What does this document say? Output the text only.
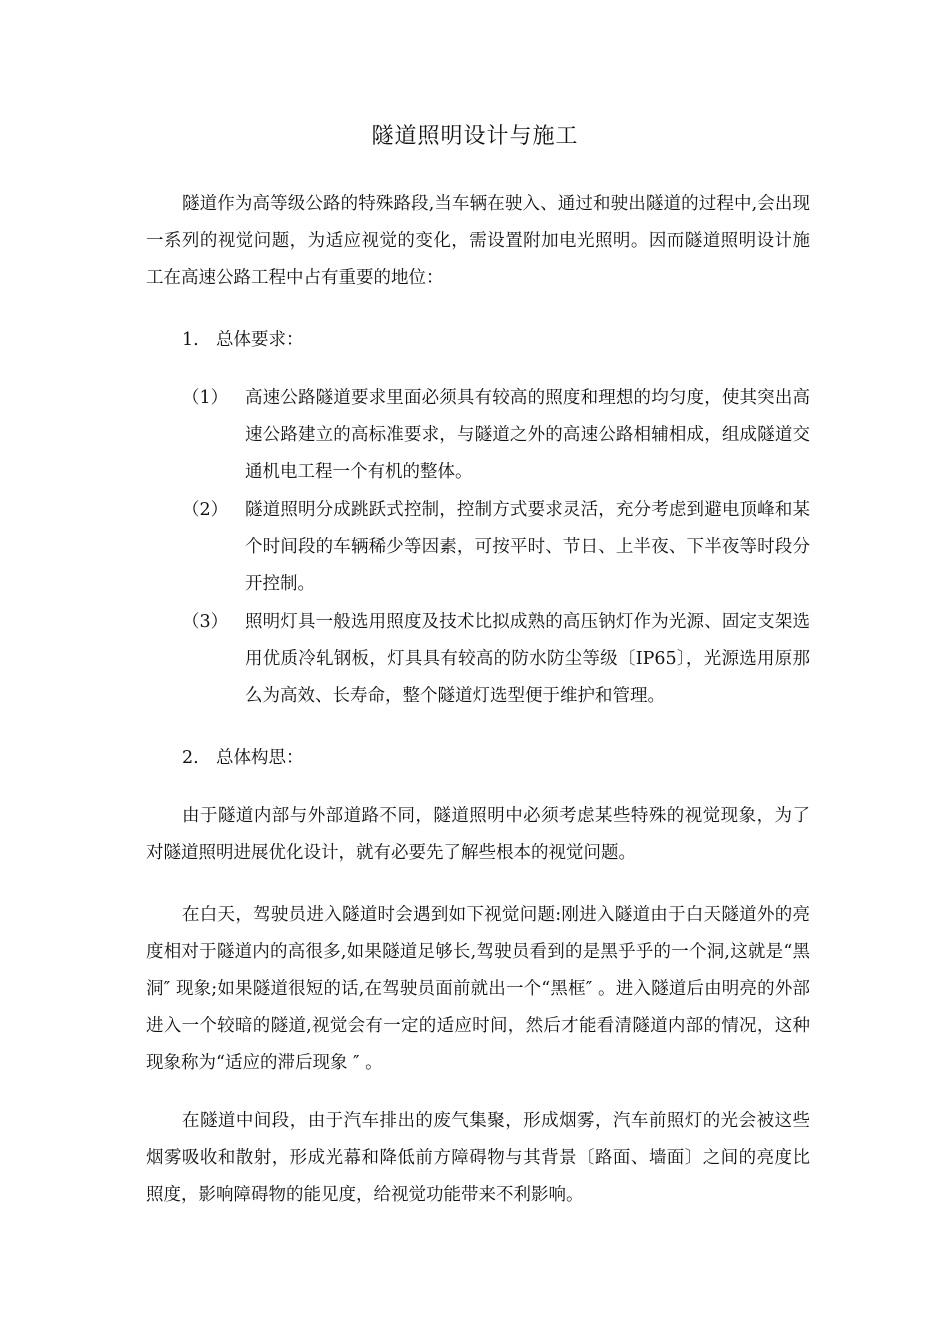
隧道照明设计与施工

隧道作为高等级公路的特殊路段,当车辆在驶入、通过和驶出隧道的过程中,会出现一系列的视觉问题，为适应视觉的变化，需设置附加电光照明。因而隧道照明设计施工在高速公路工程中占有重要的地位：

1. 总体要求：

（1） 高速公路隧道要求里面必须具有较高的照度和理想的均匀度，使其突出高速公路建立的高标准要求，与隧道之外的高速公路相辅相成，组成隧道交通机电工程一个有机的整体。
（2） 隧道照明分成跳跃式控制，控制方式要求灵活，充分考虑到避电顶峰和某个时间段的车辆稀少等因素，可按平时、节日、上半夜、下半夜等时段分开控制。
（3） 照明灯具一般选用照度及技术比拟成熟的高压钠灯作为光源、固定支架选用优质冷轧钢板，灯具具有较高的防水防尘等级〔IP65〕，光源选用原那么为高效、长寿命，整个隧道灯选型便于维护和管理。

2. 总体构思：

由于隧道内部与外部道路不同，隧道照明中必须考虑某些特殊的视觉现象，为了对隧道照明进展优化设计，就有必要先了解些根本的视觉问题。

在白天，驾驶员进入隧道时会遇到如下视觉问题:刚进入隧道由于白天隧道外的亮度相对于隧道内的高很多,如果隧道足够长,驾驶员看到的是黑乎乎的一个洞,这就是“黑洞″ 现象;如果隧道很短的话,在驾驶员面前就出一个“黑框″ 。进入隧道后由明亮的外部进入一个较暗的隧道,视觉会有一定的适应时间，然后才能看清隧道内部的情况，这种现象称为“适应的滞后现象 ″ 。

在隧道中间段，由于汽车排出的废气集聚，形成烟雾，汽车前照灯的光会被这些烟雾吸收和散射，形成光幕和降低前方障碍物与其背景〔路面、墙面〕之间的亮度比照度，影响障碍物的能见度，给视觉功能带来不利影响。
